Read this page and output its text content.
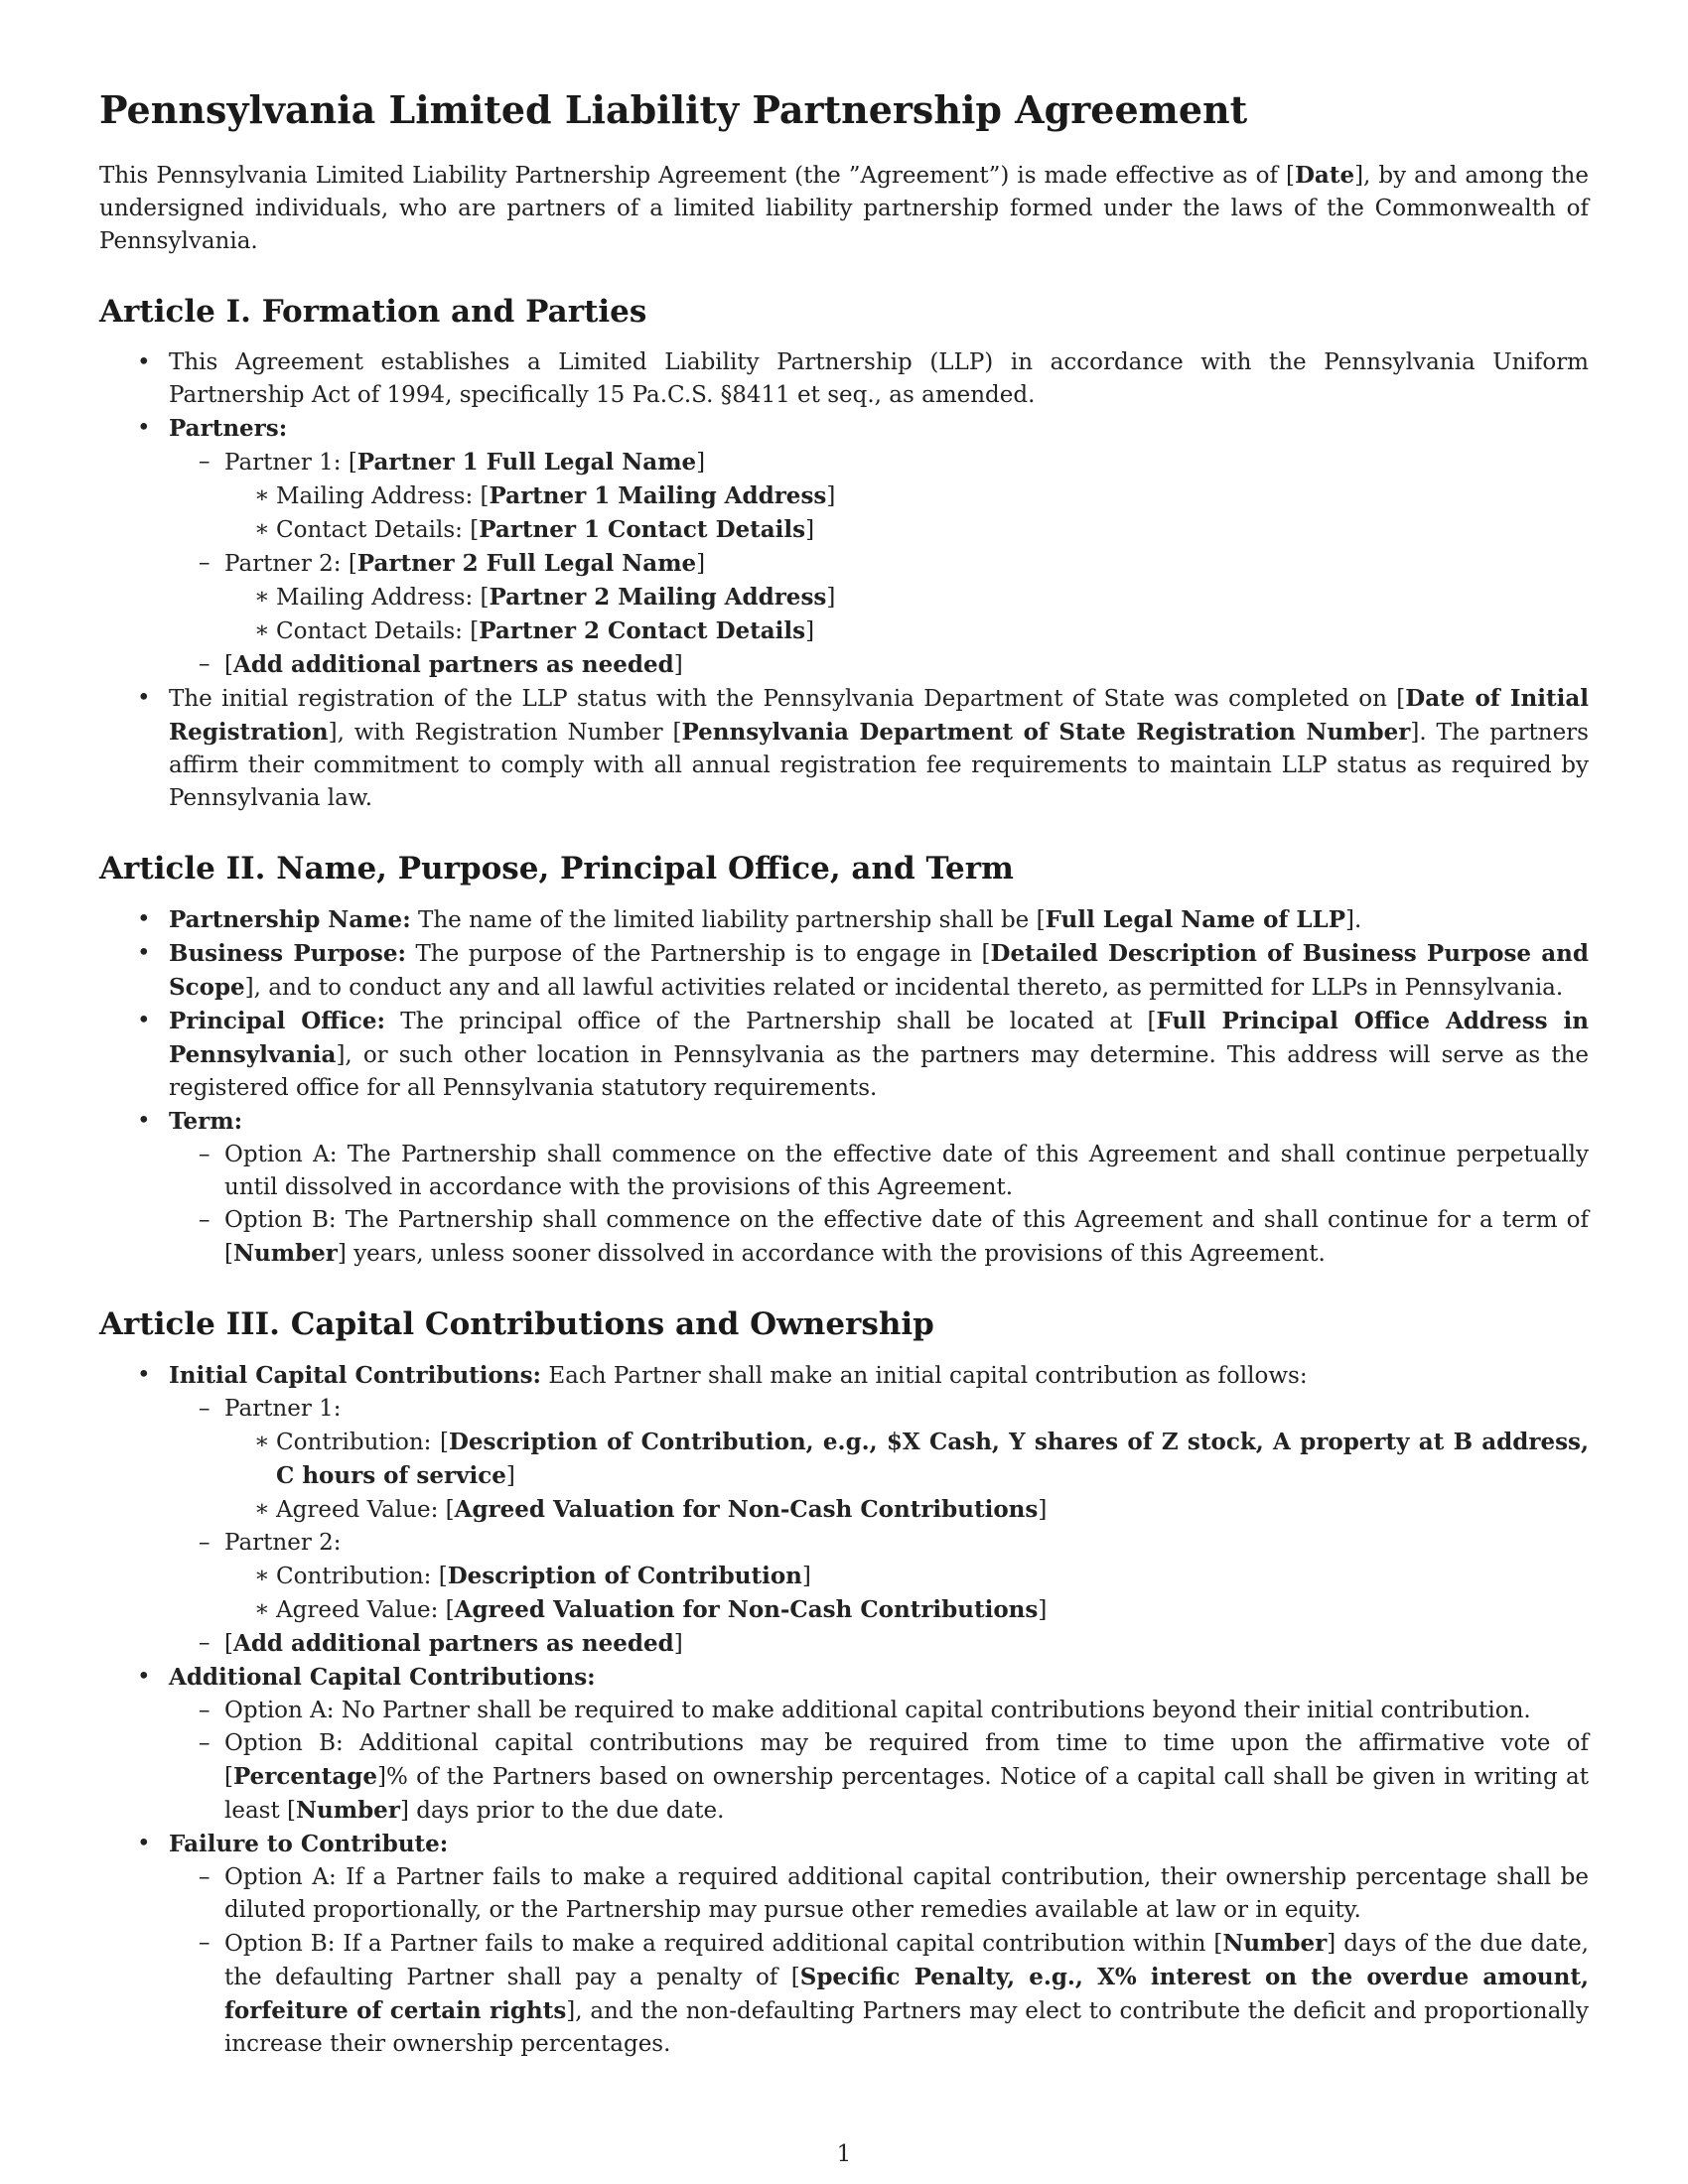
Pennsylvania Limited Liability Partnership Agreement

This Pennsylvania Limited Liability Partnership Agreement (the ”Agreement”) is made effective as of [Date], by and among the undersigned individuals, who are partners of a limited liability partnership formed under the laws of the Commonwealth of Pennsylvania.

Article I. Formation and Parties
• This Agreement establishes a Limited Liability Partnership (LLP) in accordance with the Pennsylvania Uniform Partnership Act of 1994, specifically 15 Pa.C.S. §8411 et seq., as amended.
• Partners:
– Partner 1: [Partner 1 Full Legal Name]
∗ Mailing Address: [Partner 1 Mailing Address]
∗ Contact Details: [Partner 1 Contact Details]
– Partner 2: [Partner 2 Full Legal Name]
∗ Mailing Address: [Partner 2 Mailing Address]
∗ Contact Details: [Partner 2 Contact Details]
– [Add additional partners as needed]
• The initial registration of the LLP status with the Pennsylvania Department of State was completed on [Date of Initial Registration], with Registration Number [Pennsylvania Department of State Registration Number]. The partners affirm their commitment to comply with all annual registration fee requirements to maintain LLP status as required by Pennsylvania law.
Article II. Name, Purpose, Principal Office, and Term
• Partnership Name: The name of the limited liability partnership shall be [Full Legal Name of LLP].
• Business Purpose: The purpose of the Partnership is to engage in [Detailed Description of Business Purpose and Scope], and to conduct any and all lawful activities related or incidental thereto, as permitted for LLPs in Pennsylvania.
• Principal Office: The principal office of the Partnership shall be located at [Full Principal Office Address in Pennsylvania], or such other location in Pennsylvania as the partners may determine. This address will serve as the registered office for all Pennsylvania statutory requirements.
• Term:
– Option A: The Partnership shall commence on the effective date of this Agreement and shall continue perpetually until dissolved in accordance with the provisions of this Agreement.
– Option B: The Partnership shall commence on the effective date of this Agreement and shall continue for a term of [Number] years, unless sooner dissolved in accordance with the provisions of this Agreement.
Article III. Capital Contributions and Ownership
• Initial Capital Contributions: Each Partner shall make an initial capital contribution as follows:
– Partner 1:
∗ Contribution: [Description of Contribution, e.g., $X Cash, Y shares of Z stock, A property at B address, C hours of service]
∗ Agreed Value: [Agreed Valuation for Non-Cash Contributions]
– Partner 2:
∗ Contribution: [Description of Contribution]
∗ Agreed Value: [Agreed Valuation for Non-Cash Contributions]
– [Add additional partners as needed]
• Additional Capital Contributions:
– Option A: No Partner shall be required to make additional capital contributions beyond their initial contribution.
– Option B: Additional capital contributions may be required from time to time upon the affirmative vote of [Percentage]% of the Partners based on ownership percentages. Notice of a capital call shall be given in writing at least [Number] days prior to the due date.
• Failure to Contribute:
– Option A: If a Partner fails to make a required additional capital contribution, their ownership percentage shall be diluted proportionally, or the Partnership may pursue other remedies available at law or in equity.
– Option B: If a Partner fails to make a required additional capital contribution within [Number] days of the due date, the defaulting Partner shall pay a penalty of [Specific Penalty, e.g., X% interest on the overdue amount, forfeiture of certain rights], and the non-defaulting Partners may elect to contribute the deficit and proportionally increase their ownership percentages.
1
